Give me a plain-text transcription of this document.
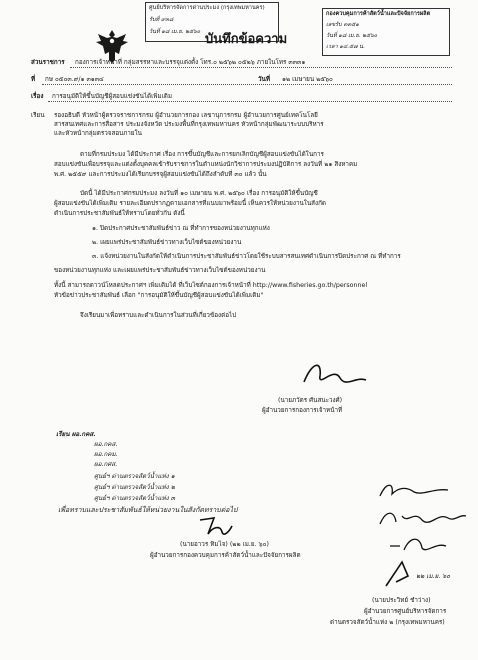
ศูนย์บริหารจัดการด่านประมง (กรุงเทพมหานคร)
รับที่ ๙๓๘
วันที่ ๑๘ เม.ย. ๒๕๖๐
กองควบคุมการค้าสัตว์น้ำและปัจจัยการผลิต
เลขรับ ๓๓๕๑
วันที่ ๑๘ เม.ย. ๒๕๖๐
เวลา ๑๔.๕๗ น.
บันทึกข้อความ
ส่วนราชการ กองการเจ้าหน้าที่ กลุ่มสรรหาและบรรจุแต่งตั้ง โทร.๐ ๒๕๖๒ ๐๕๒๖ ภายในโทร ๓๓๓๑
ที่ กษ ๐๕๐๓.๙/๑ ๓๑๓๔	วันที่ ๑๒ เมษายน ๒๕๖๐
เรื่อง การอนุมัติให้ขึ้นบัญชีผู้สอบแข่งขันได้เพิ่มเติม
เรียน รองอธิบดี หัวหน้าผู้ตรวจราชการกรม ผู้อำนวยการกอง เลขานุการกรม ผู้อำนวยการศูนย์เทคโนโลยี
สารสนเทศและการสื่อสาร ประมงจังหวัด ประมงพื้นที่กรุงเทพมหานคร หัวหน้ากลุ่มพัฒนาระบบบริหาร
และหัวหน้ากลุ่มตรวจสอบภายใน
ตามที่กรมประมง ได้มีประกาศ เรื่อง การขึ้นบัญชีและการยกเลิกบัญชีผู้สอบแข่งขันได้ในการ
สอบแข่งขันเพื่อบรรจุและแต่งตั้งบุคคลเข้ารับราชการในตำแหน่งนักวิชาการประมงปฏิบัติการ ลงวันที่ ๒๑ สิงหาคม
พ.ศ. ๒๕๕๙ และการประมงได้เรียกบรรจุผู้สอบแข่งขันได้ถึงลำดับที่ ๓๐ แล้ว นั้น
บัดนี้ ได้มีประกาศกรมประมง ลงวันที่ ๑๐ เมษายน พ.ศ. ๒๕๖๐ เรื่อง การอนุมัติให้ขึ้นบัญชี
ผู้สอบแข่งขันได้เพิ่มเติม รายละเอียดปรากฏตามเอกสารที่แนบมาพร้อมนี้ เห็นควรให้หน่วยงานในสังกัด
ดำเนินการประชาสัมพันธ์ให้ทราบโดยทั่วกัน ดังนี้
๑. ปิดประกาศประชาสัมพันธ์ข่าว ณ ที่ทำการของหน่วยงานทุกแห่ง
๒. เผยแพร่ประชาสัมพันธ์ข่าวทางเว็บไซต์ของหน่วยงาน
๓. แจ้งหน่วยงานในสังกัดให้ดำเนินการประชาสัมพันธ์ข่าวโดยใช้ระบบสารสนเทศดำเนินการปิดประกาศ ณ ที่ทำการ
ของหน่วยงานทุกแห่ง และเผยแพร่ประชาสัมพันธ์ข่าวทางเว็บไซต์ของหน่วยงาน
ทั้งนี้ สามารถดาวน์โหลดประกาศฯ เพิ่มเติมได้ ที่เว็บไซต์กองการเจ้าหน้าที่ http://www.fisheries.go.th/personnel
หัวข้อข่าวประชาสัมพันธ์ เลือก "การอนุมัติให้ขึ้นบัญชีผู้สอบแข่งขันได้เพิ่มเติม"
จึงเรียนมาเพื่อทราบและดำเนินการในส่วนที่เกี่ยวข้องต่อไป
(นายภวัตร ศันสนะวงศ์)
ผู้อำนวยการกองการเจ้าหน้าที่
เรียน ผอ.กคส.
ผอ.กคส.
ผอ.กคม.
ผอ.กศส.
ศูนย์ฯ ด่านตรวจสัตว์น้ำแห่ง ๑
ศูนย์ฯ ด่านตรวจสัตว์น้ำแห่ง ๒
ศูนย์ฯ ด่านตรวจสัตว์น้ำแห่ง ๓
เพื่อทราบและประชาสัมพันธ์ให้หน่วยงานในสังกัดทราบต่อไป
(นายอาวร ทิมไจ) (๒๒ เม.ย. ๖๐)
ผู้อำนวยการกองควบคุมการค้าสัตว์น้ำและปัจจัยการผลิต
๒๒ เม.ย. ๖๐
(นายประวิทย์ ชำว่าง)
ผู้อำนวยการศูนย์บริหารจัดการ
ด่านตรวจสัตว์น้ำแห่ง ๒ (กรุงเทพมหานคร)
